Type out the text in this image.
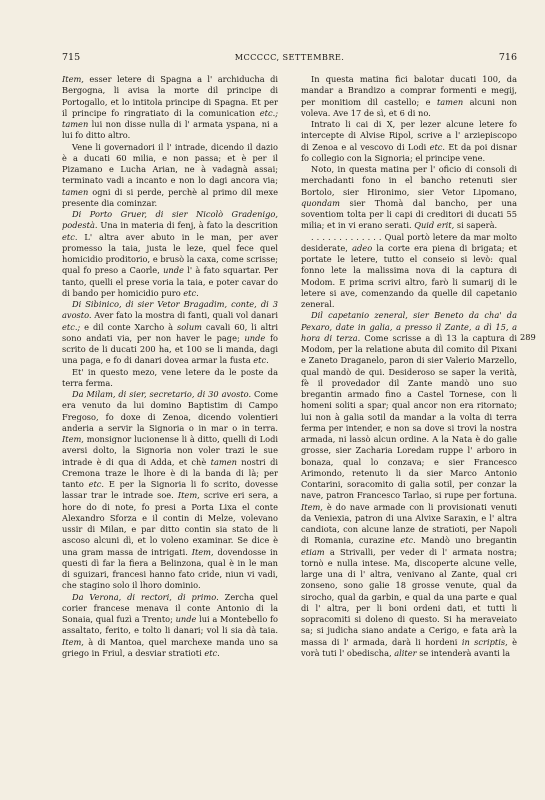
715	MCCCCC, SETTEMBRE.	716

Item, esser letere di Spagna a l' archiducha di Bergogna, li avisa la morte dil principe di Portogallo, et lo intitola principe di Spagna. Et per il principe fo ringratiato di la comunication etc.; tamen lui non disse nulla di l' armata yspana, ni a lui fo ditto altro.

Vene li governadori il l' intrade, dicendo il dazio è a ducati 60 milia, e non passa; et è per il Pizamano e Lucha Arian, ne à vadagnà assai; terminato vadi a incanto e non lo dagi ancora via; tamen ogni di si perde, perchè al primo dil mexe presente dia cominzar.

Di Porto Gruer, di sier Nicolò Gradenigo, podestà. Una in materia di fenj, à fato la descrition etc. L' altra aver abuto in le man, per aver promesso la taia, justa le leze, quel fece quel homicidio proditorio, e brusò la caxa, come scrisse; qual fo preso a Caorle, unde l' à fato squartar. Per tanto, quelli el prese voria la taia, e poter cavar do di bando per homicidio puro etc.

Di Sibinico, di sier Vetor Bragadim, conte, di 3 avosto. Aver fato la mostra di fanti, quali vol danari etc.; e dil conte Xarcho à solum cavali 60, li altri sono andati via, per non haver le page; unde fo scrito de li ducati 200 ha, et 100 se li manda, dagi una paga, e fo di danari dovea armar la fusta etc.

Et' in questo mezo, vene letere da le poste da terra ferma.

Da Milam, di sier, secretario, di 30 avosto. Come era venuto da lui domino Baptistim di Campo Fregoso, fo doxe di Zenoa, dicendo volentieri anderia a servir la Signoria o in mar o in terra. Item, monsignor lucionense li à ditto, quelli di Lodi aversi dolto, la Signoria non voler trazi le sue intrade è di qua di Adda, et chè tamen nostri di Cremona traze le lhore è di la banda di là; per tanto etc. E per la Signoria li fo scrito, dovesse lassar trar le intrade soe. Item, scrive eri sera, a hore do di note, fo presi a Porta Lixa el conte Alexandro Sforza e il contin di Melze, volevano ussir di Milan, e par ditto contin sia stato de li ascoso alcuni dì, et lo voleno examinar. Se dice è una gram massa de intrigati. Item, dovendosse in questi dì far la fiera a Belinzona, qual è in le man di sguizari, francesi hanno fato cride, niun vi vadi, che stagino solo il lhoro dominio.

Da Verona, di rectori, di primo. Zercha quel corier francese menava il conte Antonio di la Sonaia, qual fuzì a Trento; unde lui a Montebello fo assaltato, ferito, e tolto li danari; vol li sia dà taia. Item, à di Mantoa, quel marchexe manda uno sa griego in Friul, a desviar stratioti etc.

In questa matina fici balotar ducati 100, da mandar a Brandizo a comprar formenti e megij, per monitiom dil castello; e tamen alcuni non voleva. Ave 17 de sì, et 6 di no.

Intrato li cai di X, per lezer alcune letere fo intercepte di Alvise Ripol, scrive a l' arziepiscopo di Zenoa e al vescovo di Lodi etc. Et da poi disnar fo collegio con la Signoria; el principe vene.

Noto, in questa matina per l' oficio di consoli di merchadanti fono in el bancho retenuti sier Bortolo, sier Hironimo, sier Vetor Lipomano, quondam sier Thomà dal bancho, per una soventiom tolta per li capi di creditori di ducati 55 milia; et in vi erano serati. Quid erit, si saperà.

. . . . . . . . . . . . . Qual portò letere da mar molto desiderate, adeo la corte era piena di brigata; et portate le letere, tutto el conseio si levò: qual fonno lete la malissima nova di la captura di Modom. E prima scrivi altro, farò li sumarij di le letere si ave, comenzando da quelle dil capetanio zeneral.

Dil capetanio zeneral, sier Beneto da cha' da Pexaro, date in galia, a presso il Zante, a dì 15, a hora di terza. Come scrisse a dì 13 la captura di Modom, per la relatione abuta dil comito dil Pixani e Zaneto Draganelo, paron di sier Valerio Marzello, qual mandò de qui. Desideroso se saper la verità, fè il provedador dil Zante mandò uno suo bregantin armado fino a Castel Tornese, con li homeni soliti a spar; qual ancor non era ritornato; lui non à galia sotil da mandar a la volta di terra ferma per intender, e non sa dove si trovi la nostra armada, ni lassò alcun ordine. A la Nata è do galie grosse, sier Zacharia Loredam ruppe l' arboro in bonaza, qual lo conzava; e sier Francesco Arimondo, retenuto li da sier Marco Antonio Contarini, soracomito di galia sotil, per conzar la nave, patron Francesco Tarlao, si rupe per fortuna. Item, è do nave armade con li provisionati venuti da Veniexia, patron di una Alvixe Saraxin, e l' altra candiota, con alcune lanze de stratioti, per Napoli di Romania, curazine etc. Mandò uno bregantin etiam a Strivalli, per veder di l' armata nostra; tornò e nulla intese. Ma, discoperte alcune velle, large una di l' altra, venivano al Zante, qual cri zonseno, sono galie 18 grosse venute, qual da sirocho, qual da garbin, e qual da una parte e qual di l' altra, per li boni ordeni dati, et tutti li sopracomiti si doleno di questo. Si ha meraveiato sa; si judicha siano andate a Cerigo, e fata arà la massa di l' armada, darà li hordeni in scriptis, è vorà tuti l' obedischa, aliter se intenderà avanti la

289
